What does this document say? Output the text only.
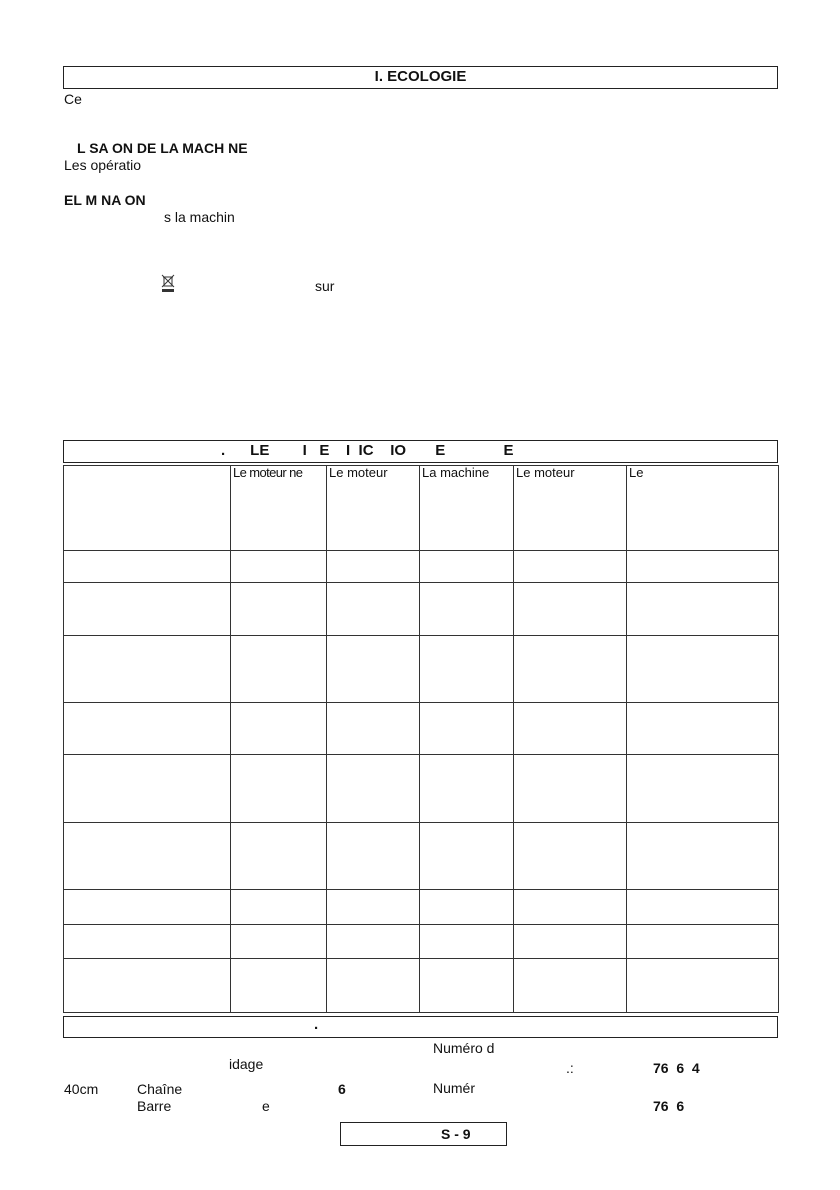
I. ECOLOGIE
Ce
L SA ON DE LA MACH NE
Les opératio
EL M NA ON
s la machin
sur

.      LE        I   E    I  IC    IO       E              E

	Le moteur ne	Le moteur	La machine	Le moteur	Le

.
Numéro d
idage	.:	76  6  4
40cm	Chaîne	6	Numér
Barre	e	76  6
S - 9
